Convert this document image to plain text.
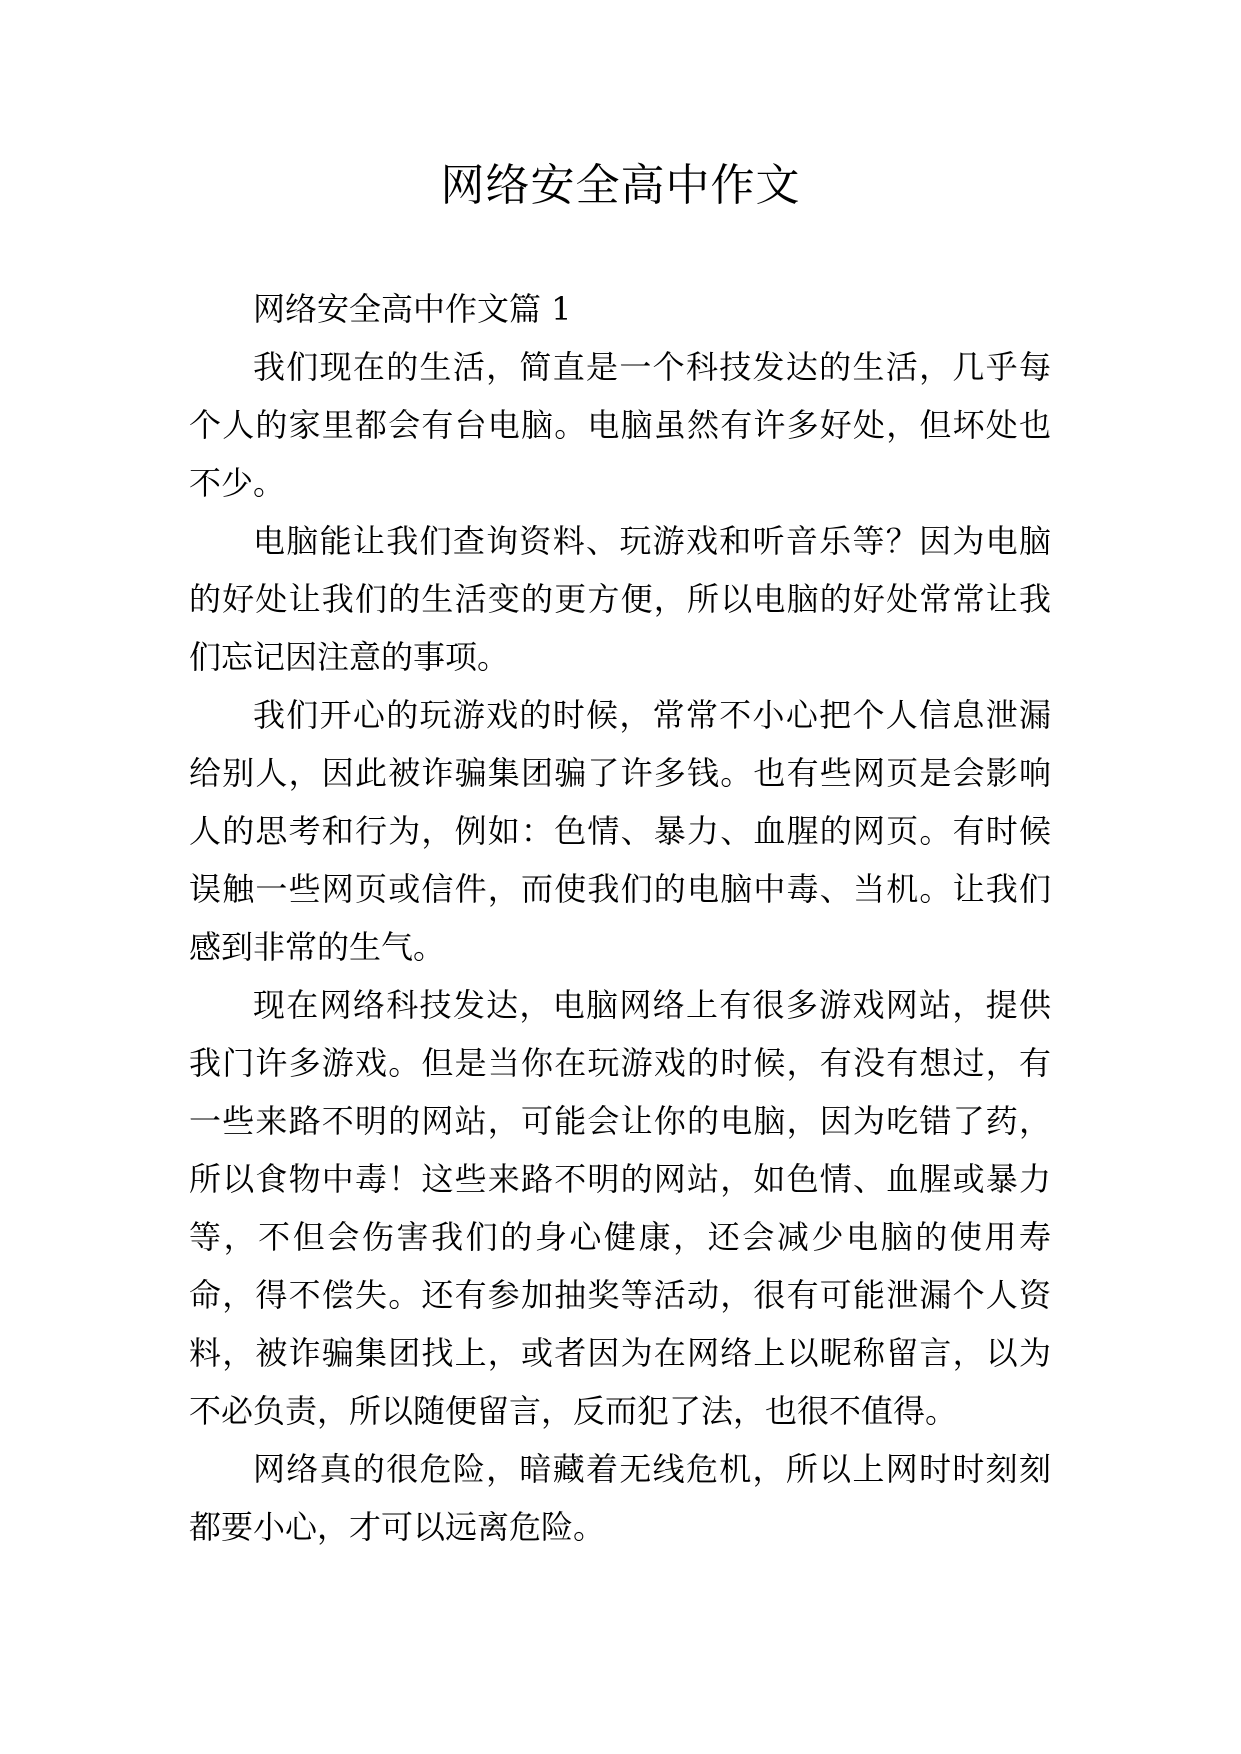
网络安全高中作文

网络安全高中作文篇 1

我们现在的生活，简直是一个科技发达的生活，几乎每个人的家里都会有台电脑。电脑虽然有许多好处，但坏处也不少。

电脑能让我们查询资料、玩游戏和听音乐等？因为电脑的好处让我们的生活变的更方便，所以电脑的好处常常让我们忘记因注意的事项。

我们开心的玩游戏的时候，常常不小心把个人信息泄漏给别人，因此被诈骗集团骗了许多钱。也有些网页是会影响人的思考和行为，例如：色情、暴力、血腥的网页。有时候误触一些网页或信件，而使我们的电脑中毒、当机。让我们感到非常的生气。

现在网络科技发达，电脑网络上有很多游戏网站，提供我门许多游戏。但是当你在玩游戏的时候，有没有想过，有一些来路不明的网站，可能会让你的电脑，因为吃错了药，所以食物中毒！这些来路不明的网站，如色情、血腥或暴力等，不但会伤害我们的身心健康，还会减少电脑的使用寿命，得不偿失。还有参加抽奖等活动，很有可能泄漏个人资料，被诈骗集团找上，或者因为在网络上以昵称留言，以为不必负责，所以随便留言，反而犯了法，也很不值得。

网络真的很危险，暗藏着无线危机，所以上网时时刻刻都要小心，才可以远离危险。
